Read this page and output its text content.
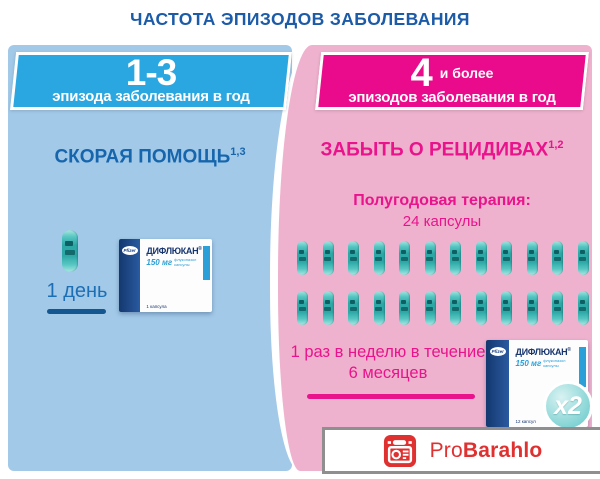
ЧАСТОТА ЭПИЗОДОВ ЗАБОЛЕВАНИЯ
1-3
эпизода заболевания в год
4 и более
эпизодов заболевания в год
СКОРАЯ ПОМОЩЬ$^{1,3}$
1 день
Pfizer ДИФЛЮКАН®
150 мг флуконазол
капсулы
1 капсула
ЗАБЫТЬ О РЕЦИДИВАХ$^{1,2}$
Полугодовая терапия:
24 капсулы
1 раз в неделю в течение
6 месяцев
Pfizer ДИФЛЮКАН®
150 мг флуконазол
капсулы
12 капсул
x2
ProBarahlo
